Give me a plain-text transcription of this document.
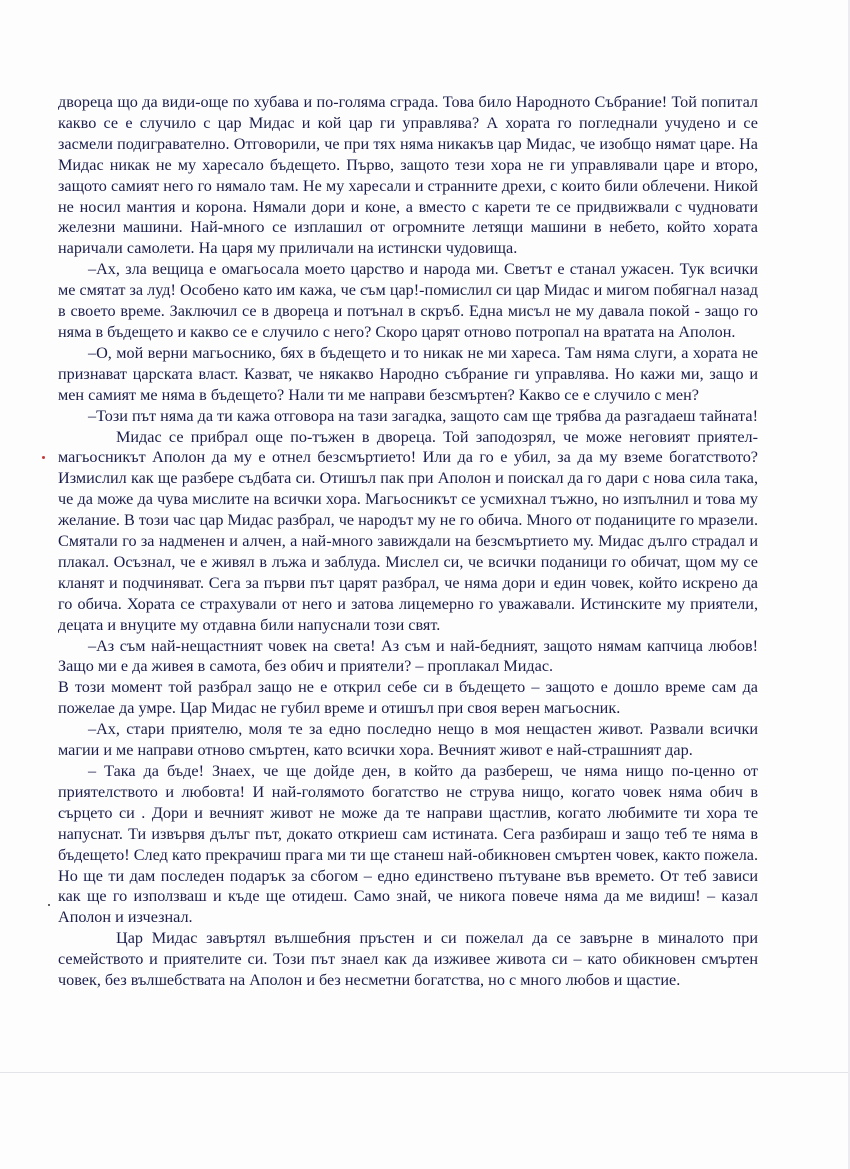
двореца що да види-още по хубава и по-голяма сграда. Това било Народното Събрание! Той попитал какво се е случило с цар Мидас и кой цар ги управлява? А хората го погледнали учудено и се засмели подигравателно. Отговорили, че при тях няма никакъв цар Мидас, че изобщо нямат царе. На Мидас никак не му харесало бъдещето. Първо, защото тези хора не ги управлявали царе и второ, защото самият него го нямало там. Не му харесали и странните дрехи, с които били облечени. Никой не носил мантия и корона. Нямали дори и коне, а вместо с карети те се придвижвали с чудновати железни машини. Най-много се изплашил от огромните летящи машини в небето, който хората наричали самолети. На царя му приличали на истински чудовища.

–Ах, зла вещица е омагьосала моето царство и народа ми. Светът е станал ужасен. Тук всички ме смятат за луд! Особено като им кажа, че съм цар!-помислил си цар Мидас и мигом побягнал назад в своето време. Заключил се в двореца и потънал в скръб. Една мисъл не му давала покой - защо го няма в бъдещето и какво се е случило с него? Скоро царят отново потропал на вратата на Аполон.

–О, мой верни магьоснико, бях в бъдещето и то никак не ми хареса. Там няма слуги, а хората не признават царската власт. Казват, че някакво Народно събрание ги управлява. Но кажи ми, защо и мен самият ме няма в бъдещето? Нали ти ме направи безсмъртен? Какво се е случило с мен?

–Този път няма да ти кажа отговора на тази загадка, защото сам ще трябва да разгадаеш тайната!

Мидас се прибрал още по-тъжен в двореца. Той заподозрял, че може неговият приятел-магьосникът Аполон да му е отнел безсмъртието! Или да го е убил, за да му вземе богатството? Измислил как ще разбере съдбата си. Отишъл пак при Аполон и поискал да го дари с нова сила така, че да може да чува мислите на всички хора. Магьосникът се усмихнал тъжно, но изпълнил и това му желание. В този час цар Мидас разбрал, че народът му не го обича. Много от поданиците го мразели. Смятали го за надменен и алчен, а най-много завиждали на безсмъртието му. Мидас дълго страдал и плакал. Осъзнал, че е живял в лъжа и заблуда. Мислел си, че всички поданици го обичат, щом му се кланят и подчиняват. Сега за първи път царят разбрал, че няма дори и един човек, който искрено да го обича. Хората се страхували от него и затова лицемерно го уважавали. Истинските му приятели, децата и внуците му отдавна били напуснали този свят.

–Аз съм най-нещастният човек на света! Аз съм и най-бедният, защото нямам капчица любов! Защо ми е да живея в самота, без обич и приятели? – проплакал Мидас.

В този момент той разбрал защо не е открил себе си в бъдещето – защото е дошло време сам да пожелае да умре. Цар Мидас не губил време и отишъл при своя верен магьосник.

–Ах, стари приятелю, моля те за едно последно нещо в моя нещастен живот. Развали всички магии и ме направи отново смъртен, като всички хора. Вечният живот е най-страшният дар.

– Така да бъде! Знаех, че ще дойде ден, в който да разбереш, че няма нищо по-ценно от приятелството и любовта! И най-голямото богатство не струва нищо, когато човек няма обич в сърцето си . Дори и вечният живот не може да те направи щастлив, когато любимите ти хора те напуснат. Ти извървя дълъг път, докато откриеш сам истината. Сега разбираш и защо теб те няма в бъдещето! След като прекрачиш прага ми ти ще станеш най-обикновен смъртен човек, както пожела. Но ще ти дам последен подарък за сбогом – едно единствено пътуване във времето. От теб зависи как ще го използваш и къде ще отидеш. Само знай, че никога повече няма да ме видиш! – казал Аполон и изчезнал.

Цар Мидас завъртял вълшебния пръстен и си пожелал да се завърне в миналото при семейството и приятелите си. Този път знаел как да изживее живота си – като обикновен смъртен човек, без вълшебствата на Аполон и без несметни богатства, но с много любов и щастие.
